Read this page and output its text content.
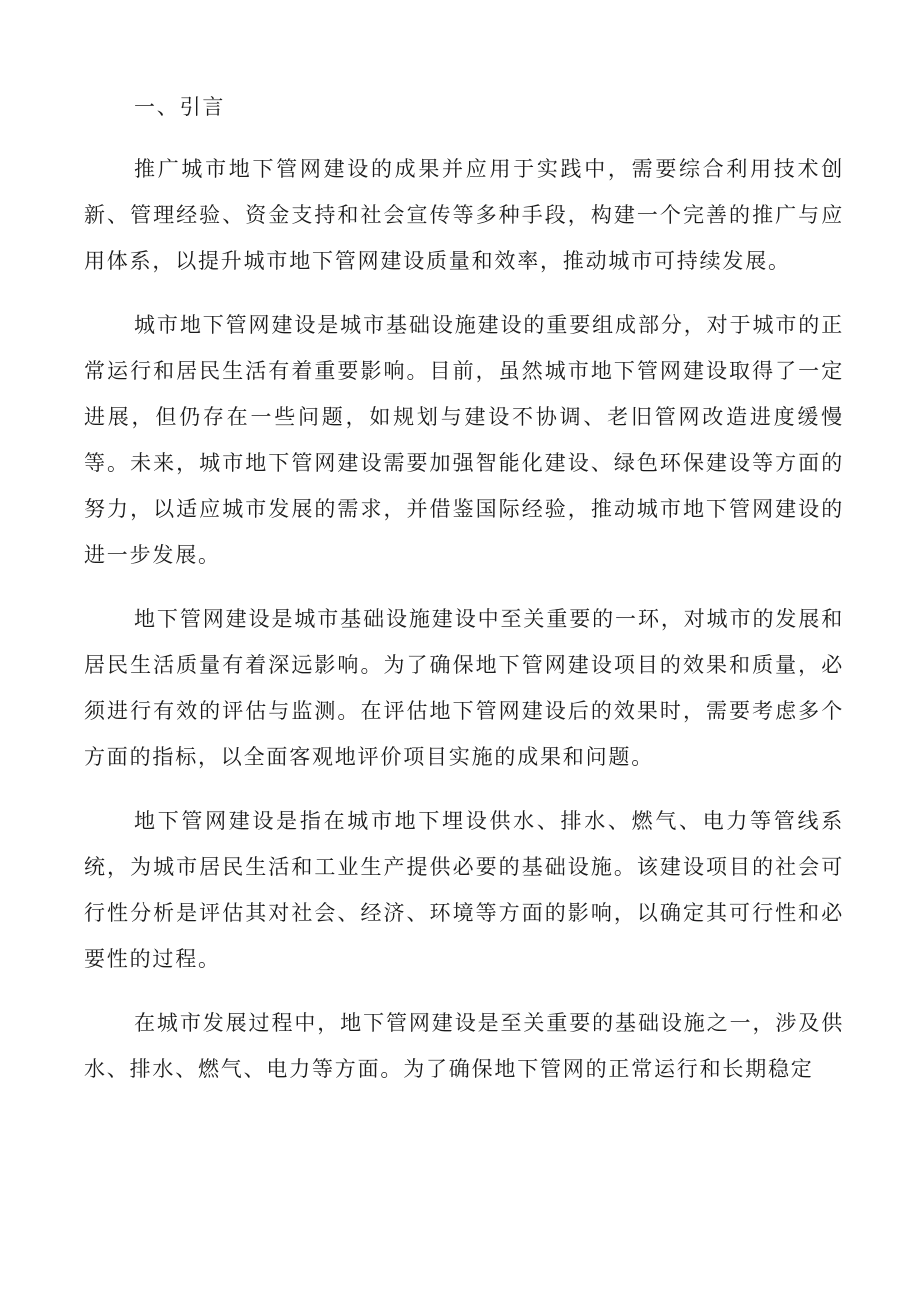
一、引言

推广城市地下管网建设的成果并应用于实践中，需要综合利用技术创新、管理经验、资金支持和社会宣传等多种手段，构建一个完善的推广与应用体系，以提升城市地下管网建设质量和效率，推动城市可持续发展。

城市地下管网建设是城市基础设施建设的重要组成部分，对于城市的正常运行和居民生活有着重要影响。目前，虽然城市地下管网建设取得了一定进展，但仍存在一些问题，如规划与建设不协调、老旧管网改造进度缓慢等。未来，城市地下管网建设需要加强智能化建设、绿色环保建设等方面的努力，以适应城市发展的需求，并借鉴国际经验，推动城市地下管网建设的进一步发展。

地下管网建设是城市基础设施建设中至关重要的一环，对城市的发展和居民生活质量有着深远影响。为了确保地下管网建设项目的效果和质量，必须进行有效的评估与监测。在评估地下管网建设后的效果时，需要考虑多个方面的指标，以全面客观地评价项目实施的成果和问题。

地下管网建设是指在城市地下埋设供水、排水、燃气、电力等管线系统，为城市居民生活和工业生产提供必要的基础设施。该建设项目的社会可行性分析是评估其对社会、经济、环境等方面的影响，以确定其可行性和必要性的过程。

在城市发展过程中，地下管网建设是至关重要的基础设施之一，涉及供水、排水、燃气、电力等方面。为了确保地下管网的正常运行和长期稳定
